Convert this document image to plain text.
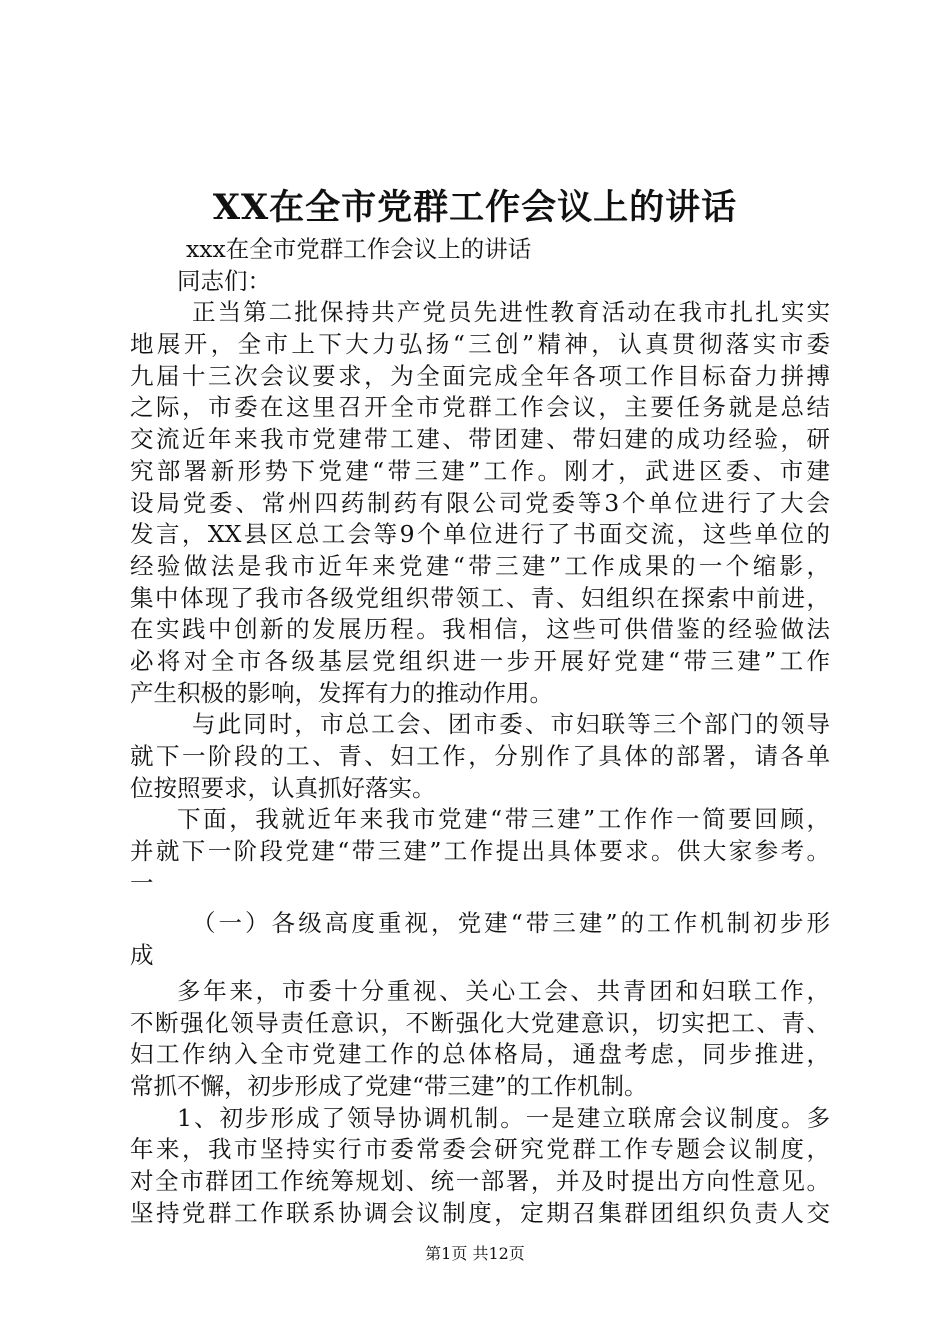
XX在全市党群工作会议上的讲话
xxx在全市党群工作会议上的讲话
同志们：
正当第二批保持共产党员先进性教育活动在我市扎扎实实
地展开，全市上下大力弘扬“三创”精神，认真贯彻落实市委
九届十三次会议要求，为全面完成全年各项工作目标奋力拼搏
之际，市委在这里召开全市党群工作会议，主要任务就是总结
交流近年来我市党建带工建、带团建、带妇建的成功经验，研
究部署新形势下党建“带三建”工作。刚才，武进区委、市建
设局党委、常州四药制药有限公司党委等3个单位进行了大会
发言，XX县区总工会等9个单位进行了书面交流，这些单位的
经验做法是我市近年来党建“带三建”工作成果的一个缩影，
集中体现了我市各级党组织带领工、青、妇组织在探索中前进，
在实践中创新的发展历程。我相信，这些可供借鉴的经验做法
必将对全市各级基层党组织进一步开展好党建“带三建”工作
产生积极的影响，发挥有力的推动作用。
与此同时，市总工会、团市委、市妇联等三个部门的领导
就下一阶段的工、青、妇工作，分别作了具体的部署，请各单
位按照要求，认真抓好落实。
下面，我就近年来我市党建“带三建”工作作一简要回顾，
并就下一阶段党建“带三建”工作提出具体要求。供大家参考。
一
（一）各级高度重视，党建“带三建”的工作机制初步形
成
多年来，市委十分重视、关心工会、共青团和妇联工作，
不断强化领导责任意识，不断强化大党建意识，切实把工、青、
妇工作纳入全市党建工作的总体格局，通盘考虑，同步推进，
常抓不懈，初步形成了党建“带三建”的工作机制。
1、初步形成了领导协调机制。一是建立联席会议制度。多
年来，我市坚持实行市委常委会研究党群工作专题会议制度，
对全市群团工作统筹规划、统一部署，并及时提出方向性意见。
坚持党群工作联系协调会议制度，定期召集群团组织负责人交
第1页 共12页
